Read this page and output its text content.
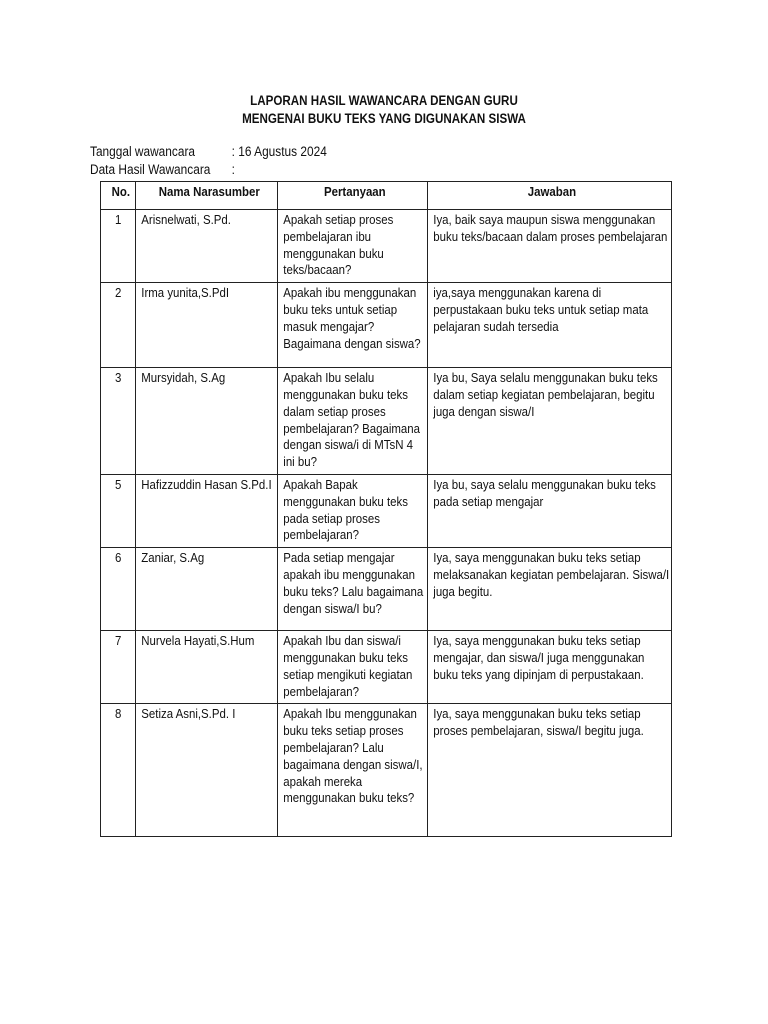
LAPORAN HASIL WAWANCARA DENGAN GURU
MENGENAI BUKU TEKS YANG DIGUNAKAN SISWA
Tanggal wawancara	: 16 Agustus 2024
Data Hasil Wawancara :
No.	Nama Narasumber	Pertanyaan	Jawaban

1	Arisnelwati, S.Pd.	Apakah setiap proses pembelajaran ibu menggunakan buku teks/bacaan?	Iya, baik saya maupun siswa menggunakan buku teks/bacaan dalam proses pembelajaran

2	Irma yunita,S.PdI	Apakah ibu menggunakan buku teks untuk setiap masuk mengajar? Bagaimana dengan siswa?	iya,saya menggunakan karena di perpustakaan buku teks untuk setiap mata pelajaran sudah tersedia

3	Mursyidah, S.Ag	Apakah Ibu selalu menggunakan buku teks dalam setiap proses pembelajaran? Bagaimana dengan siswa/i di MTsN 4 ini bu?	Iya bu, Saya selalu menggunakan buku teks dalam setiap kegiatan pembelajaran, begitu juga dengan siswa/I

5	Hafizzuddin Hasan S.Pd.I	Apakah Bapak menggunakan buku teks pada setiap proses pembelajaran?	Iya bu, saya selalu menggunakan buku teks pada setiap mengajar

6	Zaniar, S.Ag	Pada setiap mengajar apakah ibu menggunakan buku teks? Lalu bagaimana dengan siswa/I bu?	Iya, saya menggunakan buku teks setiap melaksanakan kegiatan pembelajaran. Siswa/I juga begitu.

7	Nurvela Hayati,S.Hum	Apakah Ibu dan siswa/i menggunakan buku teks setiap mengikuti kegiatan pembelajaran?	Iya, saya menggunakan buku teks setiap mengajar, dan siswa/I juga menggunakan buku teks yang dipinjam di perpustakaan.

8	Setiza Asni,S.Pd. I	Apakah Ibu menggunakan buku teks setiap proses pembelajaran? Lalu bagaimana dengan siswa/I, apakah mereka menggunakan buku teks?	Iya, saya menggunakan buku teks setiap proses pembelajaran, siswa/I begitu juga.
